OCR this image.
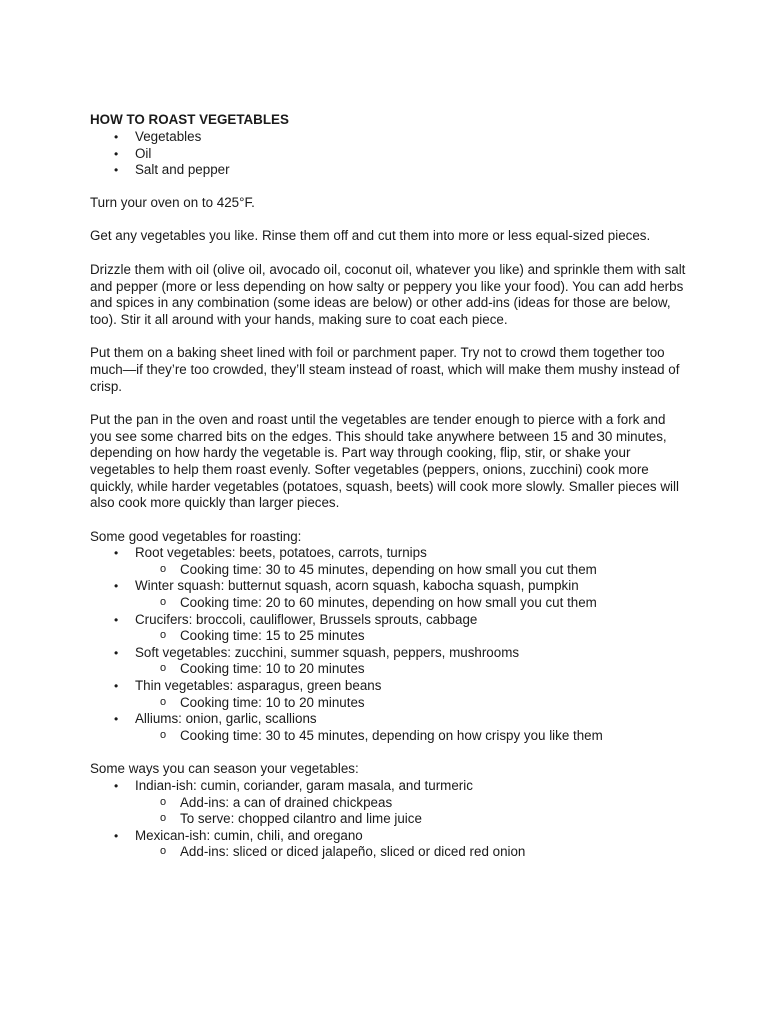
HOW TO ROAST VEGETABLES
• Vegetables
• Oil
• Salt and pepper

Turn your oven on to 425°F.

Get any vegetables you like. Rinse them off and cut them into more or less equal-sized pieces.

Drizzle them with oil (olive oil, avocado oil, coconut oil, whatever you like) and sprinkle them with salt and pepper (more or less depending on how salty or peppery you like your food). You can add herbs and spices in any combination (some ideas are below) or other add-ins (ideas for those are below, too). Stir it all around with your hands, making sure to coat each piece.

Put them on a baking sheet lined with foil or parchment paper. Try not to crowd them together too much—if they’re too crowded, they’ll steam instead of roast, which will make them mushy instead of crisp.

Put the pan in the oven and roast until the vegetables are tender enough to pierce with a fork and you see some charred bits on the edges. This should take anywhere between 15 and 30 minutes, depending on how hardy the vegetable is. Part way through cooking, flip, stir, or shake your vegetables to help them roast evenly. Softer vegetables (peppers, onions, zucchini) cook more quickly, while harder vegetables (potatoes, squash, beets) will cook more slowly. Smaller pieces will also cook more quickly than larger pieces.

Some good vegetables for roasting:

• Root vegetables: beets, potatoes, carrots, turnips
o Cooking time: 30 to 45 minutes, depending on how small you cut them
• Winter squash: butternut squash, acorn squash, kabocha squash, pumpkin
o Cooking time: 20 to 60 minutes, depending on how small you cut them
• Crucifers: broccoli, cauliflower, Brussels sprouts, cabbage
o Cooking time: 15 to 25 minutes
• Soft vegetables: zucchini, summer squash, peppers, mushrooms
o Cooking time: 10 to 20 minutes
• Thin vegetables: asparagus, green beans
o Cooking time: 10 to 20 minutes
• Alliums: onion, garlic, scallions
o Cooking time: 30 to 45 minutes, depending on how crispy you like them

Some ways you can season your vegetables:

• Indian-ish: cumin, coriander, garam masala, and turmeric
o Add-ins: a can of drained chickpeas
o To serve: chopped cilantro and lime juice
• Mexican-ish: cumin, chili, and oregano
o Add-ins: sliced or diced jalapeño, sliced or diced red onion
